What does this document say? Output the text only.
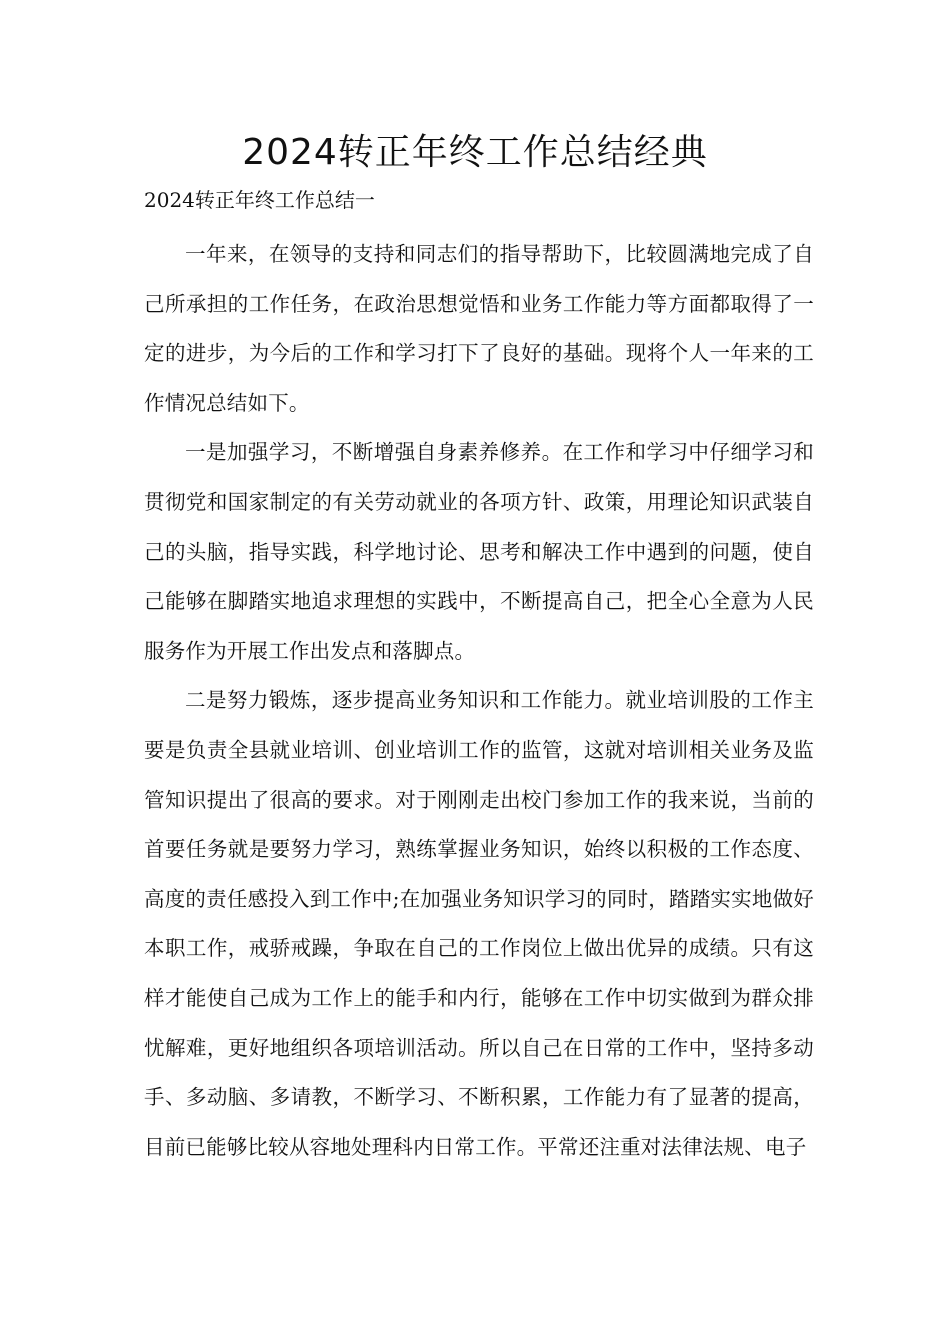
2024转正年终工作总结经典

2024转正年终工作总结一

一年来，在领导的支持和同志们的指导帮助下，比较圆满地完成了自己所承担的工作任务，在政治思想觉悟和业务工作能力等方面都取得了一定的进步，为今后的工作和学习打下了良好的基础。现将个人一年来的工作情况总结如下。

一是加强学习，不断增强自身素养修养。在工作和学习中仔细学习和贯彻党和国家制定的有关劳动就业的各项方针、政策，用理论知识武装自己的头脑，指导实践，科学地讨论、思考和解决工作中遇到的问题，使自己能够在脚踏实地追求理想的实践中，不断提高自己，把全心全意为人民服务作为开展工作出发点和落脚点。

二是努力锻炼，逐步提高业务知识和工作能力。就业培训股的工作主要是负责全县就业培训、创业培训工作的监管，这就对培训相关业务及监管知识提出了很高的要求。对于刚刚走出校门参加工作的我来说，当前的首要任务就是要努力学习，熟练掌握业务知识，始终以积极的工作态度、高度的责任感投入到工作中;在加强业务知识学习的同时，踏踏实实地做好本职工作，戒骄戒躁，争取在自己的工作岗位上做出优异的成绩。只有这样才能使自己成为工作上的能手和内行，能够在工作中切实做到为群众排忧解难，更好地组织各项培训活动。所以自己在日常的工作中，坚持多动手、多动脑、多请教，不断学习、不断积累，工作能力有了显著的提高，目前已能够比较从容地处理科内日常工作。平常还注重对法律法规、电子
